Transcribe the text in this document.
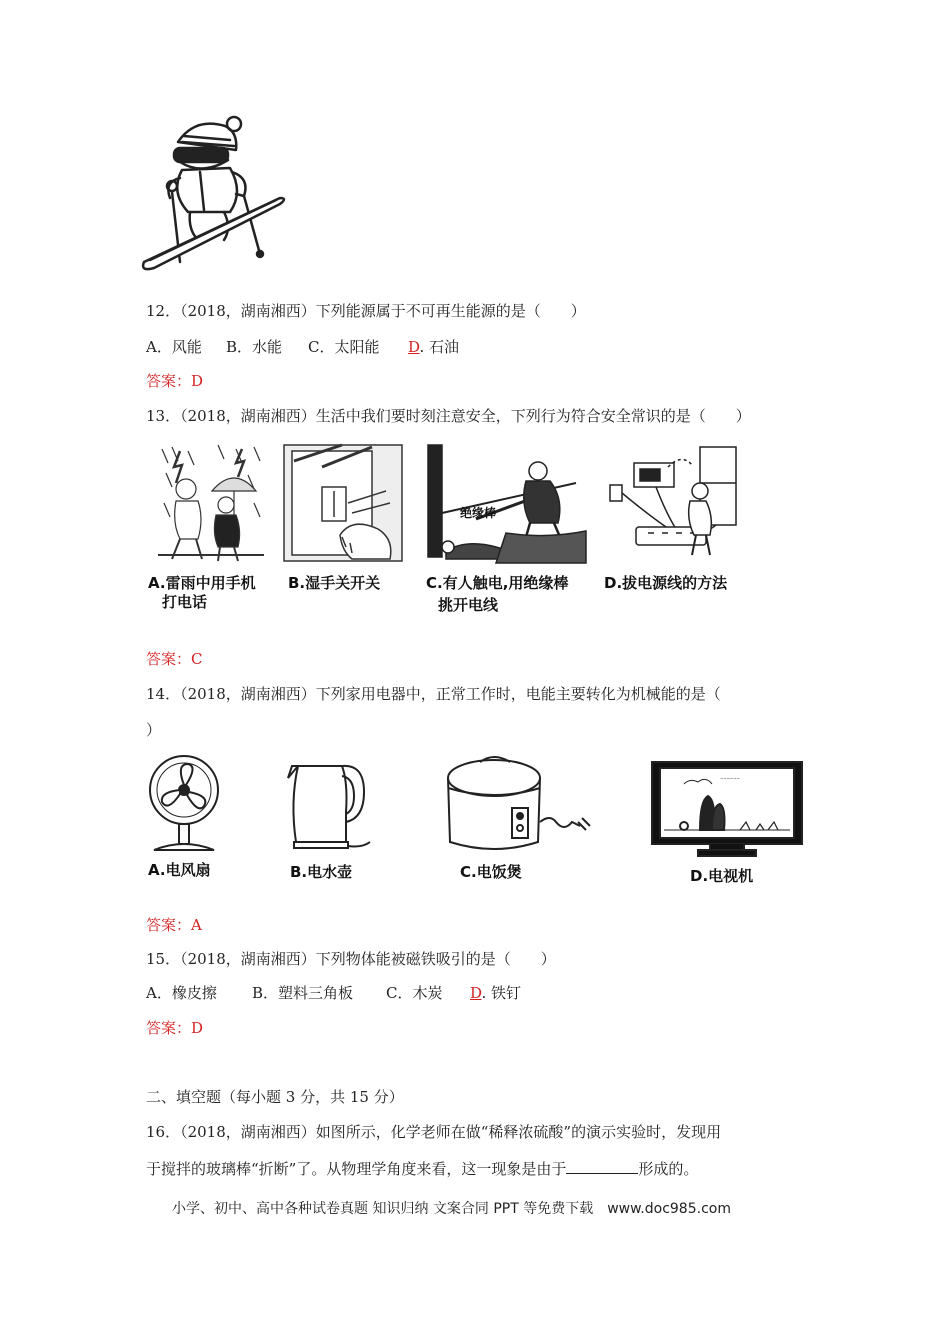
12．（2018，湖南湘西）下列能源属于不可再生能源的是（　　）
A．风能 B．水能 C．太阳能 D. 石油
答案：D
13．（2018，湖南湘西）生活中我们要时刻注意安全，下列行为符合安全常识的是（　　）
绝缘棒
A.雷雨中用手机
打电话
B.湿手关开关	C.有人触电,用绝缘棒
挑开电线
D.拔电源线的方法
答案：C
14．（2018，湖南湘西）下列家用电器中，正常工作时，电能主要转化为机械能的是（
）
~~~~~~
A.电风扇	B.电水壶	C.电饭煲	D.电视机
答案：A
15．（2018，湖南湘西）下列物体能被磁铁吸引的是（　　）
A．橡皮擦 B．塑料三角板 C．木炭 D. 铁钉
答案：D
二、填空题（每小题 3 分，共 15 分）
16．（2018，湖南湘西）如图所示，化学老师在做“稀释浓硫酸”的演示实验时，发现用
于搅拌的玻璃棒“折断”了。从物理学角度来看，这一现象是由于	形成的。
小学、初中、高中各种试卷真题 知识归纳 文案合同 PPT 等免费下载　www.doc985.com
